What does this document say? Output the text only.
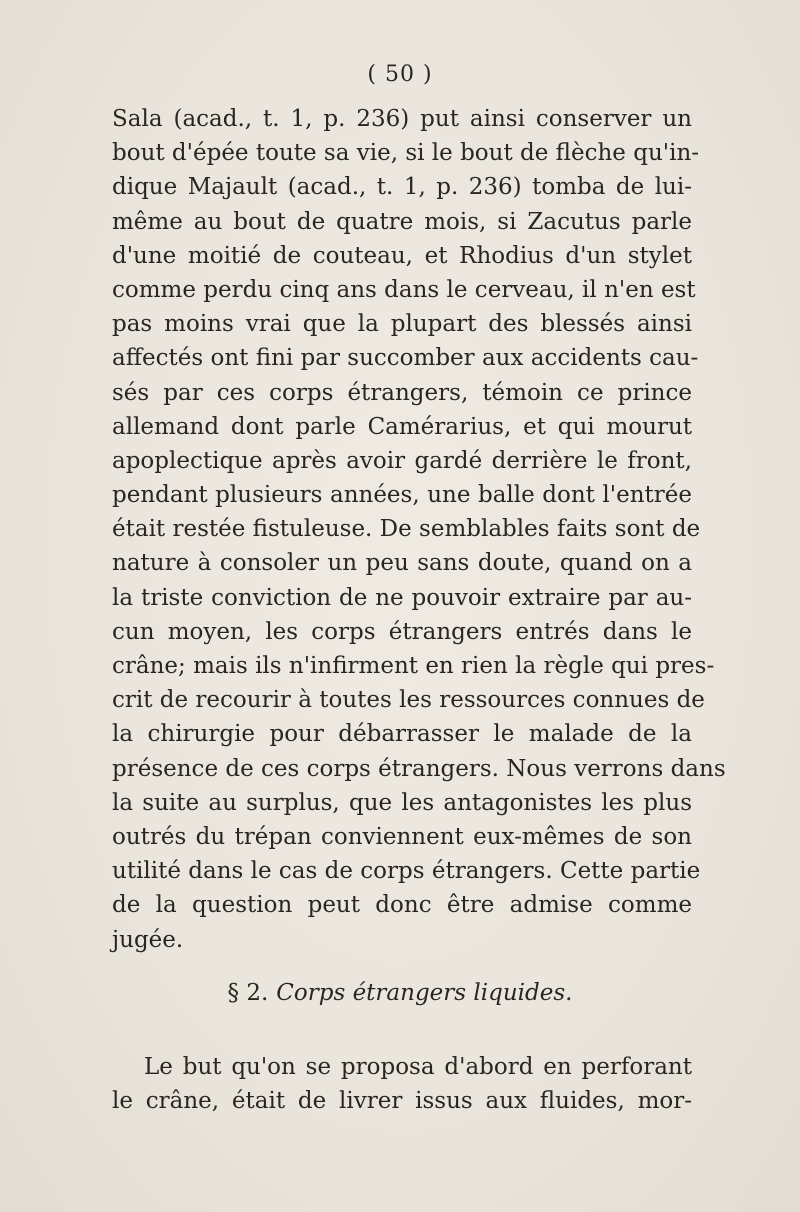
( 50 )

Sala (acad., t. 1, p. 236) put ainsi conserver un
bout d'épée toute sa vie, si le bout de flèche qu'in-
dique Majault (acad., t. 1, p. 236) tomba de lui-
même au bout de quatre mois, si Zacutus parle
d'une moitié de couteau, et Rhodius d'un stylet
comme perdu cinq ans dans le cerveau, il n'en est
pas moins vrai que la plupart des blessés ainsi
affectés ont fini par succomber aux accidents cau-
sés par ces corps étrangers, témoin ce prince
allemand dont parle Camérarius, et qui mourut
apoplectique après avoir gardé derrière le front,
pendant plusieurs années, une balle dont l'entrée
était restée fistuleuse. De semblables faits sont de
nature à consoler un peu sans doute, quand on a
la triste conviction de ne pouvoir extraire par au-
cun moyen, les corps étrangers entrés dans le
crâne; mais ils n'infirment en rien la règle qui pres-
crit de recourir à toutes les ressources connues de
la chirurgie pour débarrasser le malade de la
présence de ces corps étrangers. Nous verrons dans
la suite au surplus, que les antagonistes les plus
outrés du trépan conviennent eux-mêmes de son
utilité dans le cas de corps étrangers. Cette partie
de la question peut donc être admise comme
jugée.

§ 2. Corps étrangers liquides.

Le but qu'on se proposa d'abord en perforant
le crâne, était de livrer issus aux fluides, mor-
